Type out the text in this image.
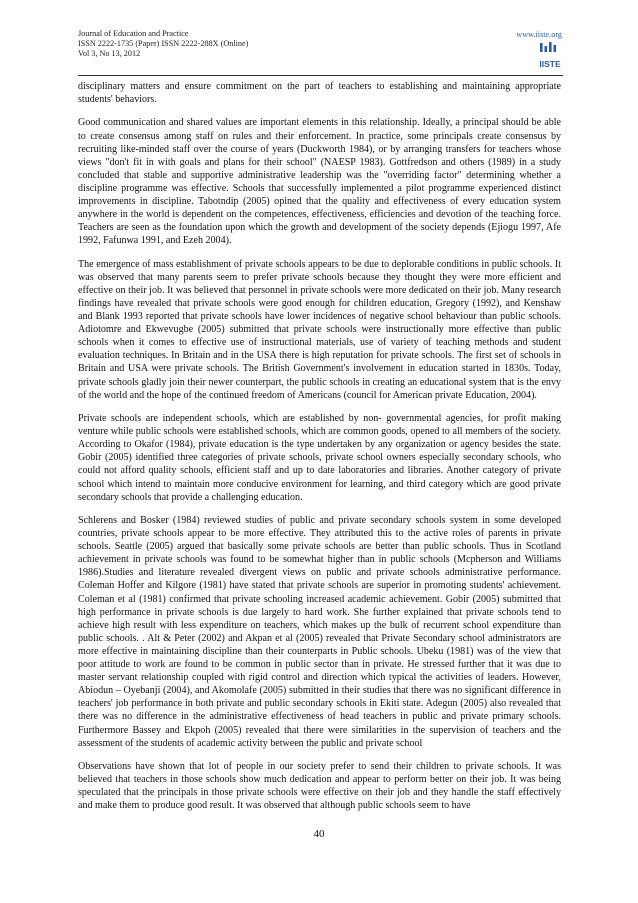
Journal of Education and Practice
ISSN 2222-1735 (Paper) ISSN 2222-288X (Online)
Vol 3, No 13, 2012
www.iiste.org
IISTE

disciplinary matters and ensure commitment on the part of teachers to establishing and maintaining appropriate students' behaviors.

Good communication and shared values are important elements in this relationship. Ideally, a principal should be able to create consensus among staff on rules and their enforcement. In practice, some principals create consensus by recruiting like-minded staff over the course of years (Duckworth 1984), or by arranging transfers for teachers whose views "don't fit in with goals and plans for their school" (NAESP 1983). Gottfredson and others (1989) in a study concluded that stable and supportive administrative leadership was the "overriding factor" determining whether a discipline programme was effective. Schools that successfully implemented a pilot programme experienced distinct improvements in discipline. Tabotndip (2005) opined that the quality and effectiveness of every education system anywhere in the world is dependent on the competences, effectiveness, efficiencies and devotion of the teaching force. Teachers are seen as the foundation upon which the growth and development of the society depends (Ejiogu 1997, Afe 1992, Fafunwa 1991, and Ezeh 2004).

The emergence of mass establishment of private schools appears to be due to deplorable conditions in public schools. It was observed that many parents seem to prefer private schools because they thought they were more efficient and effective on their job. It was believed that personnel in private schools were more dedicated on their job. Many research findings have revealed that private schools were good enough for children education, Gregory (1992), and Kenshaw and Blank 1993 reported that private schools have lower incidences of negative school behaviour than public schools. Adiotomre and Ekwevugbe (2005) submitted that private schools were instructionally more effective than public schools when it comes to effective use of instructional materials, use of variety of teaching methods and student evaluation techniques. In Britain and in the USA there is high reputation for private schools. The first set of schools in Britain and USA were private schools. The British Government's involvement in education started in 1830s. Today, private schools gladly join their newer counterpart, the public schools in creating an educational system that is the envy of the world and the hope of the continued freedom of Americans (council for American private Education, 2004).

Private schools are independent schools, which are established by non- governmental agencies, for profit making venture while public schools were established schools, which are common goods, opened to all members of the society. According to Okafor (1984), private education is the type undertaken by any organization or agency besides the state. Gobir (2005) identified three categories of private schools, private school owners especially secondary schools, who could not afford quality schools, efficient staff and up to date laboratories and libraries. Another category of private school which intend to maintain more conducive environment for learning, and third category which are good private secondary schools that provide a challenging education.

Schlerens and Bosker (1984) reviewed studies of public and private secondary schools system in some developed countries, private schools appear to be more effective. They attributed this to the active roles of parents in private schools. Seattle (2005) argued that basically some private schools are better than public schools. Thus in Scotland achievement in private schools was found to be somewhat higher than in public schools (Mcpherson and Williams 1986).Studies and literature revealed divergent views on public and private schools administrative performance. Coleman Hoffer and Kilgore (1981) have stated that private schools are superior in promoting students' achievement. Coleman et al (1981) confirmed that private schooling increased academic achievement. Gobir (2005) submitted that high performance in private schools is due largely to hard work. She further explained that private schools tend to achieve high result with less expenditure on teachers, which makes up the bulk of recurrent school expenditure than public schools. . Alt & Peter (2002) and Akpan et al (2005) revealed that Private Secondary school administrators are more effective in maintaining discipline than their counterparts in Public schools. Ubeku (1981) was of the view that poor attitude to work are found to be common in public sector than in private. He stressed further that it was due to master servant relationship coupled with rigid control and direction which typical the activities of leaders. However, Abiodun – Oyebanji (2004), and Akomolafe (2005) submitted in their studies that there was no significant difference in teachers' job performance in both private and public secondary schools in Ekiti state. Adegun (2005) also revealed that there was no difference in the administrative effectiveness of head teachers in public and private primary schools. Furthermore Bassey and Ekpoh (2005) revealed that there were similarities in the supervision of teachers and the assessment of the students of academic activity between the public and private school

Observations have shown that lot of people in our society prefer to send their children to private schools. It was believed that teachers in those schools show much dedication and appear to perform better on their job. It was being speculated that the principals in those private schools were effective on their job and they handle the staff effectively and make them to produce good result. It was observed that although public schools seem to have

40
